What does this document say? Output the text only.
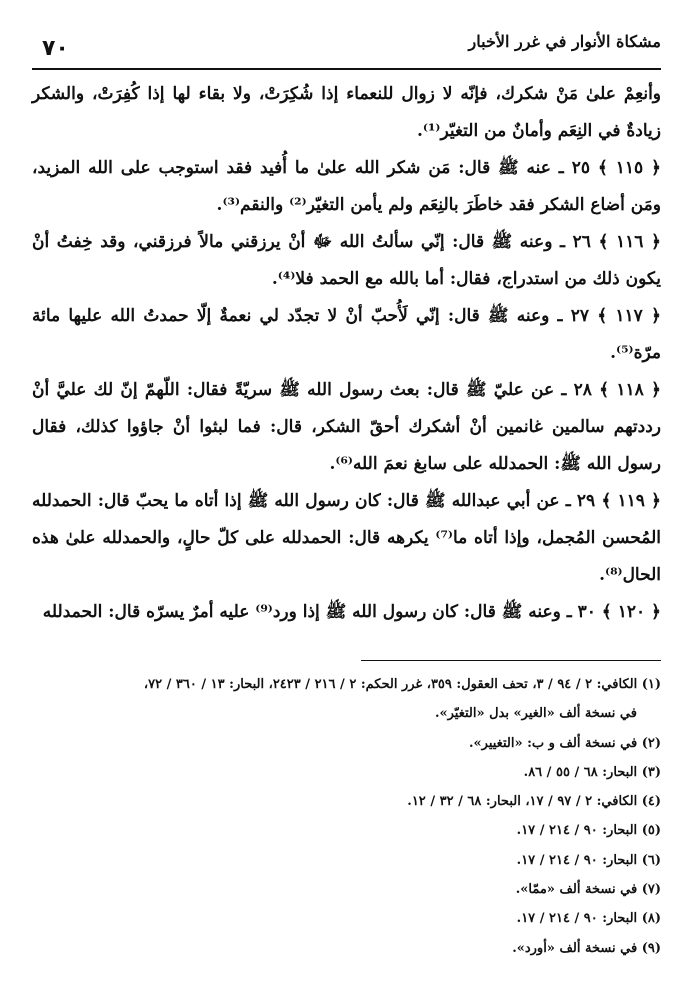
مشكاة الأنوار في غرر الأخبار
٧٠

وأنعِمْ علىٰ مَنْ شكرك، فإنّه لا زوال للنعماء إذا شُكِرَتْ، ولا بقاء لها إذا كُفِرَتْ، والشكر زيادةٌ في النِعَم وأمانٌ من التغيّر⁽¹⁾.

﴿ ١١٥ ﴾ ٢٥ ـ عنه ﷺ قال: مَن شكر الله علىٰ ما أُفيد فقد استوجب على الله المزيد، ومَن أضاع الشكر فقد خاطَرَ بالنِعَم ولم يأمن التغيّر⁽²⁾ والنقم⁽³⁾.

﴿ ١١٦ ﴾ ٢٦ ـ وعنه ﷺ قال: إنّي سألتُ الله ﷻ أنْ يرزقني مالاً فرزقني، وقد خِفتُ أنْ يكون ذلك من استدراج، فقال: أما بالله مع الحمد فلا⁽⁴⁾.

﴿ ١١٧ ﴾ ٢٧ ـ وعنه ﷺ قال: إنّي لَأُحبّ أنْ لا تجدّد لي نعمةٌ إلّا حمدتُ الله عليها مائة مرّة⁽⁵⁾.

﴿ ١١٨ ﴾ ٢٨ ـ عن عليّ ﷺ قال: بعث رسول الله ﷺ سريّةً فقال: اللّهمّ إنّ لك عليَّ أنْ رددتهم سالمين غانمين أنْ أشكرك أحقّ الشكر، قال: فما لبثوا أنْ جاؤوا كذلك، فقال رسول الله ﷺ: الحمدلله على سابغ نعمَ الله⁽⁶⁾.

﴿ ١١٩ ﴾ ٢٩ ـ عن أبي عبدالله ﷺ قال: كان رسول الله ﷺ إذا أتاه ما يحبّ قال: الحمدلله المُحسن المُجمل، وإذا أتاه ما⁽⁷⁾ يكرهه قال: الحمدلله على كلّ حالٍ، والحمدلله علىٰ هذه الحال⁽⁸⁾.

﴿ ١٢٠ ﴾ ٣٠ ـ وعنه ﷺ قال: كان رسول الله ﷺ إذا ورد⁽⁹⁾ عليه أمرٌ يسرّه قال: الحمدلله

(١) الكافي: ٢ / ٩٤ / ٣، تحف العقول: ٣٥٩، غرر الحكم: ٢ / ٢١٦ / ٢٤٢٣، البحار: ١٣ / ٣٦٠ / ٧٢،

في نسخة ألف «الغير» بدل «التغيّر».

(٢) في نسخة ألف و ب: «التغيير».

(٣) البحار: ٦٨ / ٥٥ / ٨٦.

(٤) الكافي: ٢ / ٩٧ / ١٧، البحار: ٦٨ / ٣٢ / ١٢.

(٥) البحار: ٩٠ / ٢١٤ / ١٧.

(٦) البحار: ٩٠ / ٢١٤ / ١٧.

(٧) في نسخة ألف «ممّا».

(٨) البحار: ٩٠ / ٢١٤ / ١٧.

(٩) في نسخة ألف «أورد».
